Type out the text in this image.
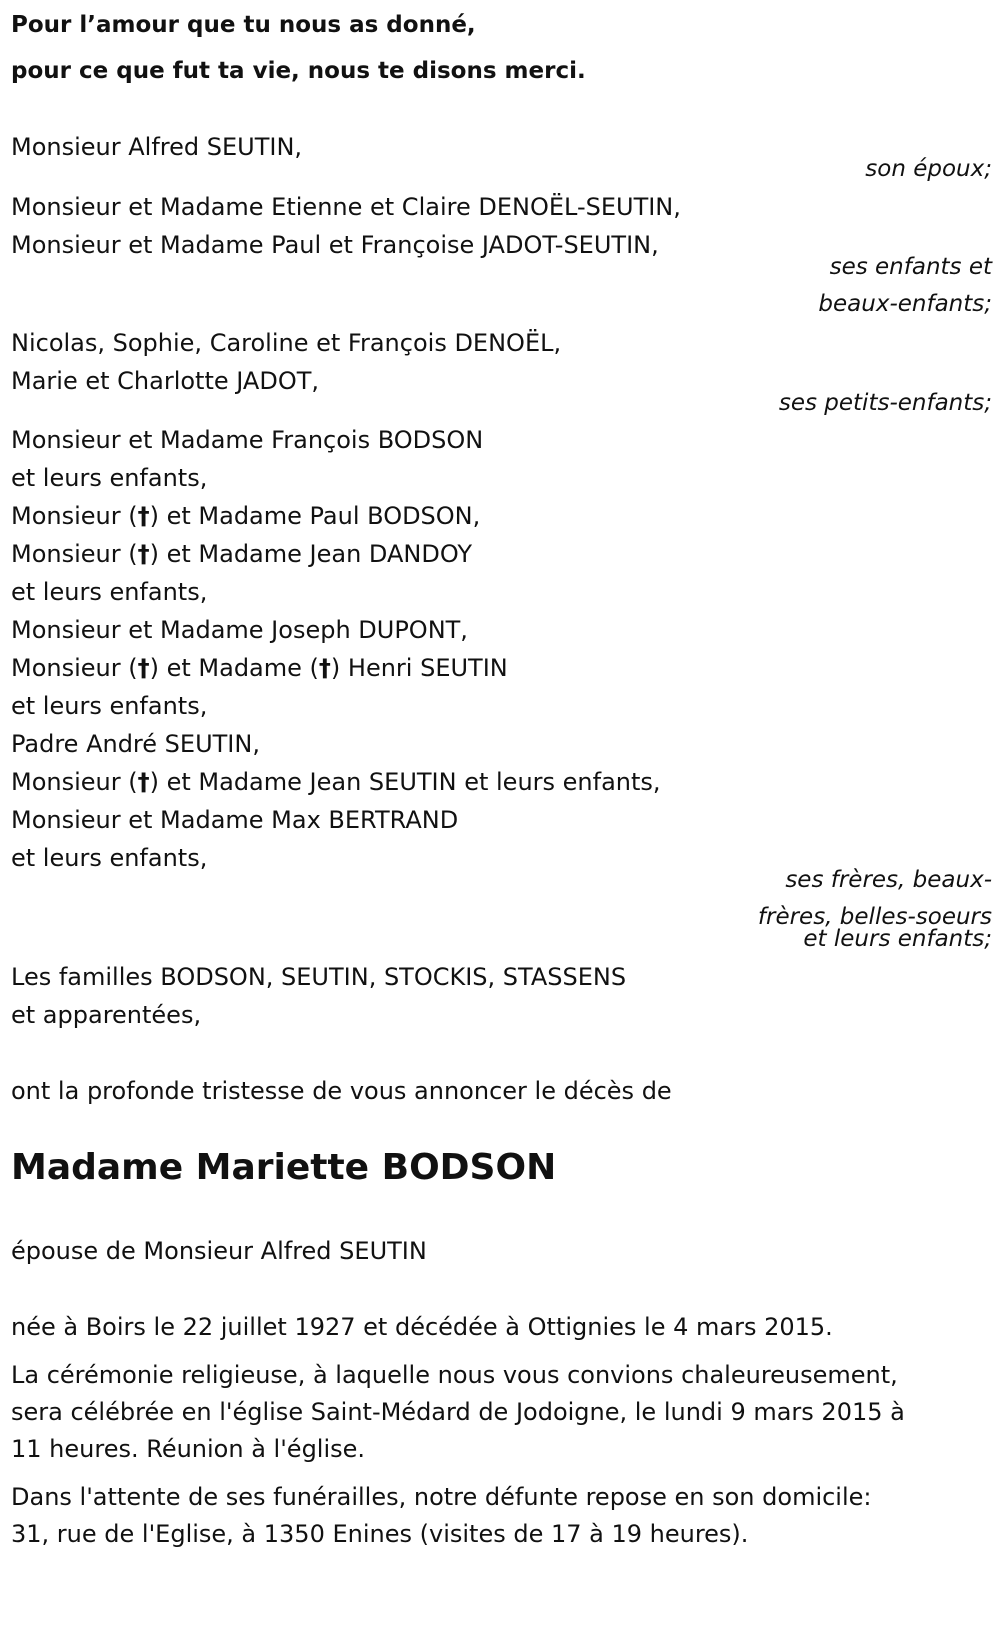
Pour l’amour que tu nous as donné,
pour ce que fut ta vie, nous te disons merci.
Monsieur Alfred SEUTIN,
son époux;
Monsieur et Madame Etienne et Claire DENOËL-SEUTIN,
Monsieur et Madame Paul et Françoise JADOT-SEUTIN,
ses enfants et
beaux-enfants;
Nicolas, Sophie, Caroline et François DENOËL,
Marie et Charlotte JADOT,
ses petits-enfants;
Monsieur et Madame François BODSON
et leurs enfants,
Monsieur (†) et Madame Paul BODSON,
Monsieur (†) et Madame Jean DANDOY
et leurs enfants,
Monsieur et Madame Joseph DUPONT,
Monsieur (†) et Madame (†) Henri SEUTIN
et leurs enfants,
Padre André SEUTIN,
Monsieur (†) et Madame Jean SEUTIN et leurs enfants,
Monsieur et Madame Max BERTRAND
et leurs enfants,
ses frères, beaux-
frères, belles-soeurs
et leurs enfants;
Les familles BODSON, SEUTIN, STOCKIS, STASSENS
et apparentées,
ont la profonde tristesse de vous annoncer le décès de
Madame Mariette BODSON
épouse de Monsieur Alfred SEUTIN
née à Boirs le 22 juillet 1927 et décédée à Ottignies le 4 mars 2015.
La cérémonie religieuse, à laquelle nous vous convions chaleureusement,
sera célébrée en l'église Saint-Médard de Jodoigne, le lundi 9 mars 2015 à
11 heures. Réunion à l'église.
Dans l'attente de ses funérailles, notre défunte repose en son domicile:
31, rue de l'Eglise, à 1350 Enines (visites de 17 à 19 heures).
